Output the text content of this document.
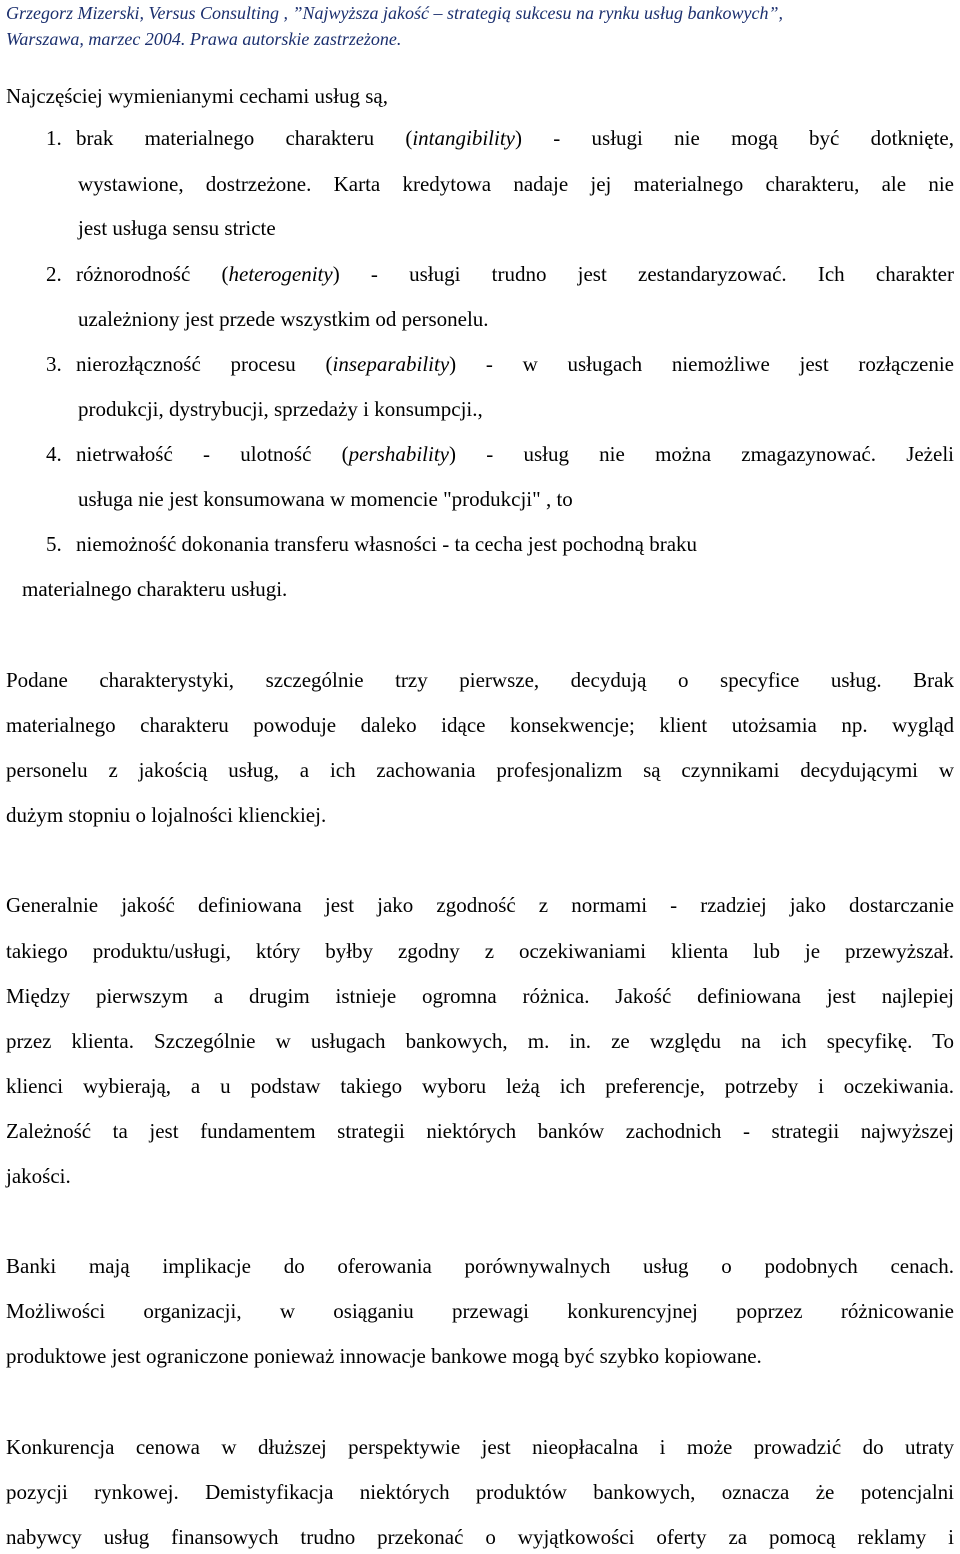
Grzegorz Mizerski, Versus Consulting , ”Najwyższa jakość – strategią sukcesu na rynku usług bankowych”,
Warszawa, marzec 2004. Prawa autorskie zastrzeżone.
Najczęściej wymienianymi cechami usług są,
1. brak materialnego charakteru (intangibility) - usługi nie mogą być dotknięte,
wystawione, dostrzeżone. Karta kredytowa nadaje jej materialnego charakteru, ale nie
jest usługa sensu stricte
2. różnorodność (heterogenity) - usługi trudno jest zestandaryzować. Ich charakter
uzależniony jest przede wszystkim od personelu.
3. nierozłączność procesu (inseparability) - w usługach niemożliwe jest rozłączenie
produkcji, dystrybucji, sprzedaży i konsumpcji.,
4. nietrwałość - ulotność (pershability) - usług nie można zmagazynować. Jeżeli
usługa nie jest konsumowana w momencie "produkcji" , to
5. niemożność dokonania transferu własności - ta cecha jest pochodną braku
materialnego charakteru usługi.
Podane charakterystyki, szczególnie trzy pierwsze, decydują o specyfice usług. Brak
materialnego charakteru powoduje daleko idące konsekwencje; klient utożsamia np. wygląd
personelu z jakością usług, a ich zachowania profesjonalizm są czynnikami decydującymi w
dużym stopniu o lojalności klienckiej.
Generalnie jakość definiowana jest jako zgodność z normami - rzadziej jako dostarczanie
takiego produktu/usługi, który byłby zgodny z oczekiwaniami klienta lub je przewyższał.
Między pierwszym a drugim istnieje ogromna różnica. Jakość definiowana jest najlepiej
przez klienta. Szczególnie w usługach bankowych, m. in. ze względu na ich specyfikę. To
klienci wybierają, a u podstaw takiego wyboru leżą ich preferencje, potrzeby i oczekiwania.
Zależność ta jest fundamentem strategii niektórych banków zachodnich - strategii najwyższej
jakości.
Banki mają implikacje do oferowania porównywalnych usług o podobnych cenach.
Możliwości organizacji, w osiąganiu przewagi konkurencyjnej poprzez różnicowanie
produktowe jest ograniczone ponieważ innowacje bankowe mogą być szybko kopiowane.
Konkurencja cenowa w dłuższej perspektywie jest nieopłacalna i może prowadzić do utraty
pozycji rynkowej. Demistyfikacja niektórych produktów bankowych, oznacza że potencjalni
nabywcy usług finansowych trudno przekonać o wyjątkowości oferty za pomocą reklamy i
